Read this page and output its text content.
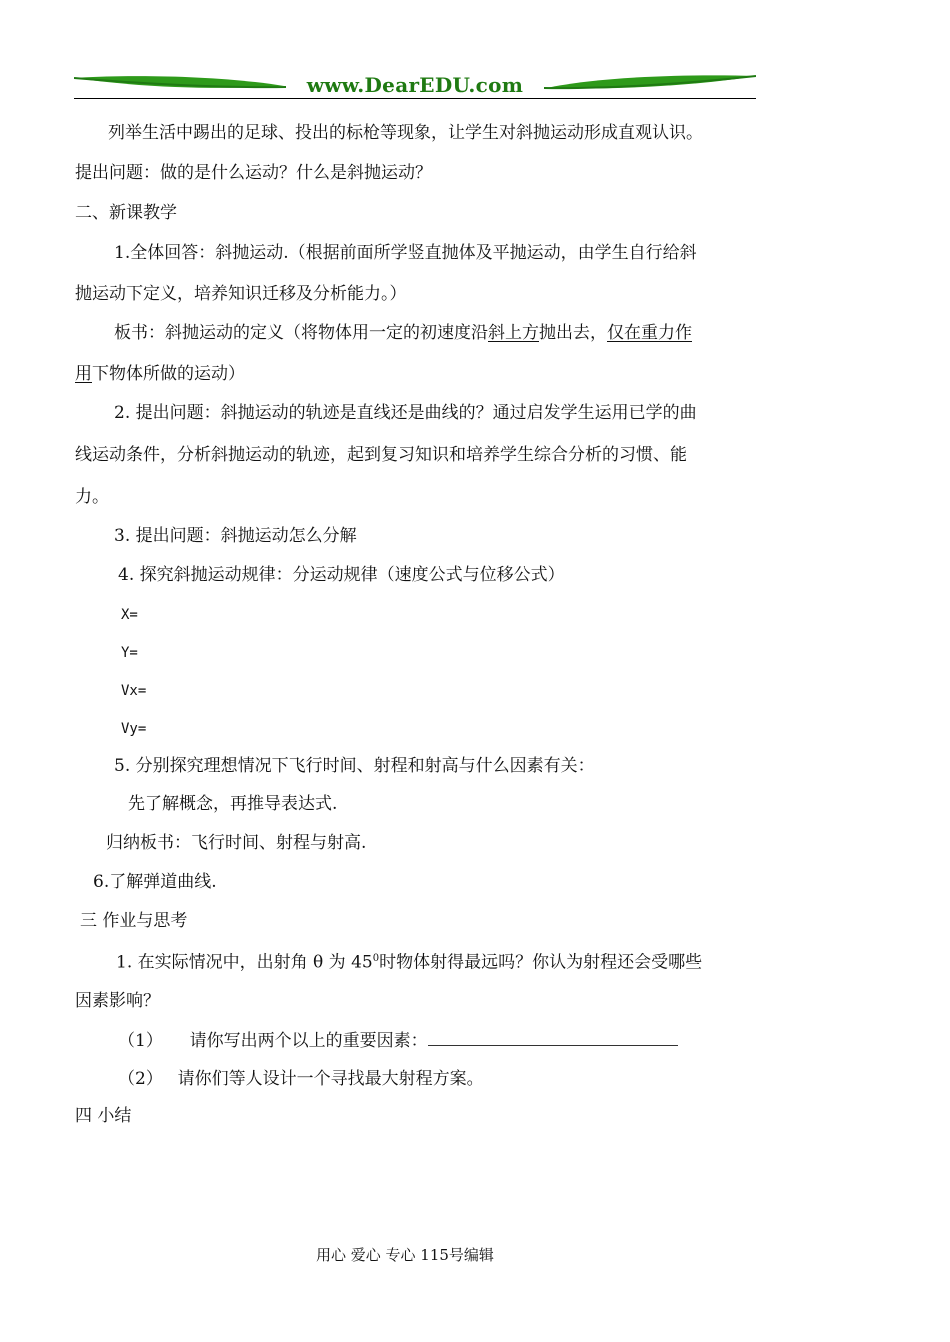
www.DearEDU.com
列举生活中踢出的足球、投出的标枪等现象，让学生对斜抛运动形成直观认识。
提出问题：做的是什么运动？什么是斜抛运动？
二、新课教学
1.全体回答：斜抛运动.（根据前面所学竖直抛体及平抛运动，由学生自行给斜
抛运动下定义，培养知识迁移及分析能力。）
板书：斜抛运动的定义（将物体用一定的初速度沿斜上方抛出去，仅在重力作
用下物体所做的运动）
2. 提出问题：斜抛运动的轨迹是直线还是曲线的？通过启发学生运用已学的曲
线运动条件，分析斜抛运动的轨迹，起到复习知识和培养学生综合分析的习惯、能
力。
3. 提出问题：斜抛运动怎么分解
4. 探究斜抛运动规律：分运动规律（速度公式与位移公式）
X=
Y=
Vx=
Vy=
5. 分别探究理想情况下飞行时间、射程和射高与什么因素有关：
先了解概念，再推导表达式.
归纳板书：飞行时间、射程与射高.
6.了解弹道曲线.
三 作业与思考
1. 在实际情况中，出射角 θ 为 $45^0$时物体射得最远吗？你认为射程还会受哪些
因素影响？
（1） 请你写出两个以上的重要因素：
（2） 请你们等人设计一个寻找最大射程方案。
四 小结
用心 爱心 专心 115号编辑
